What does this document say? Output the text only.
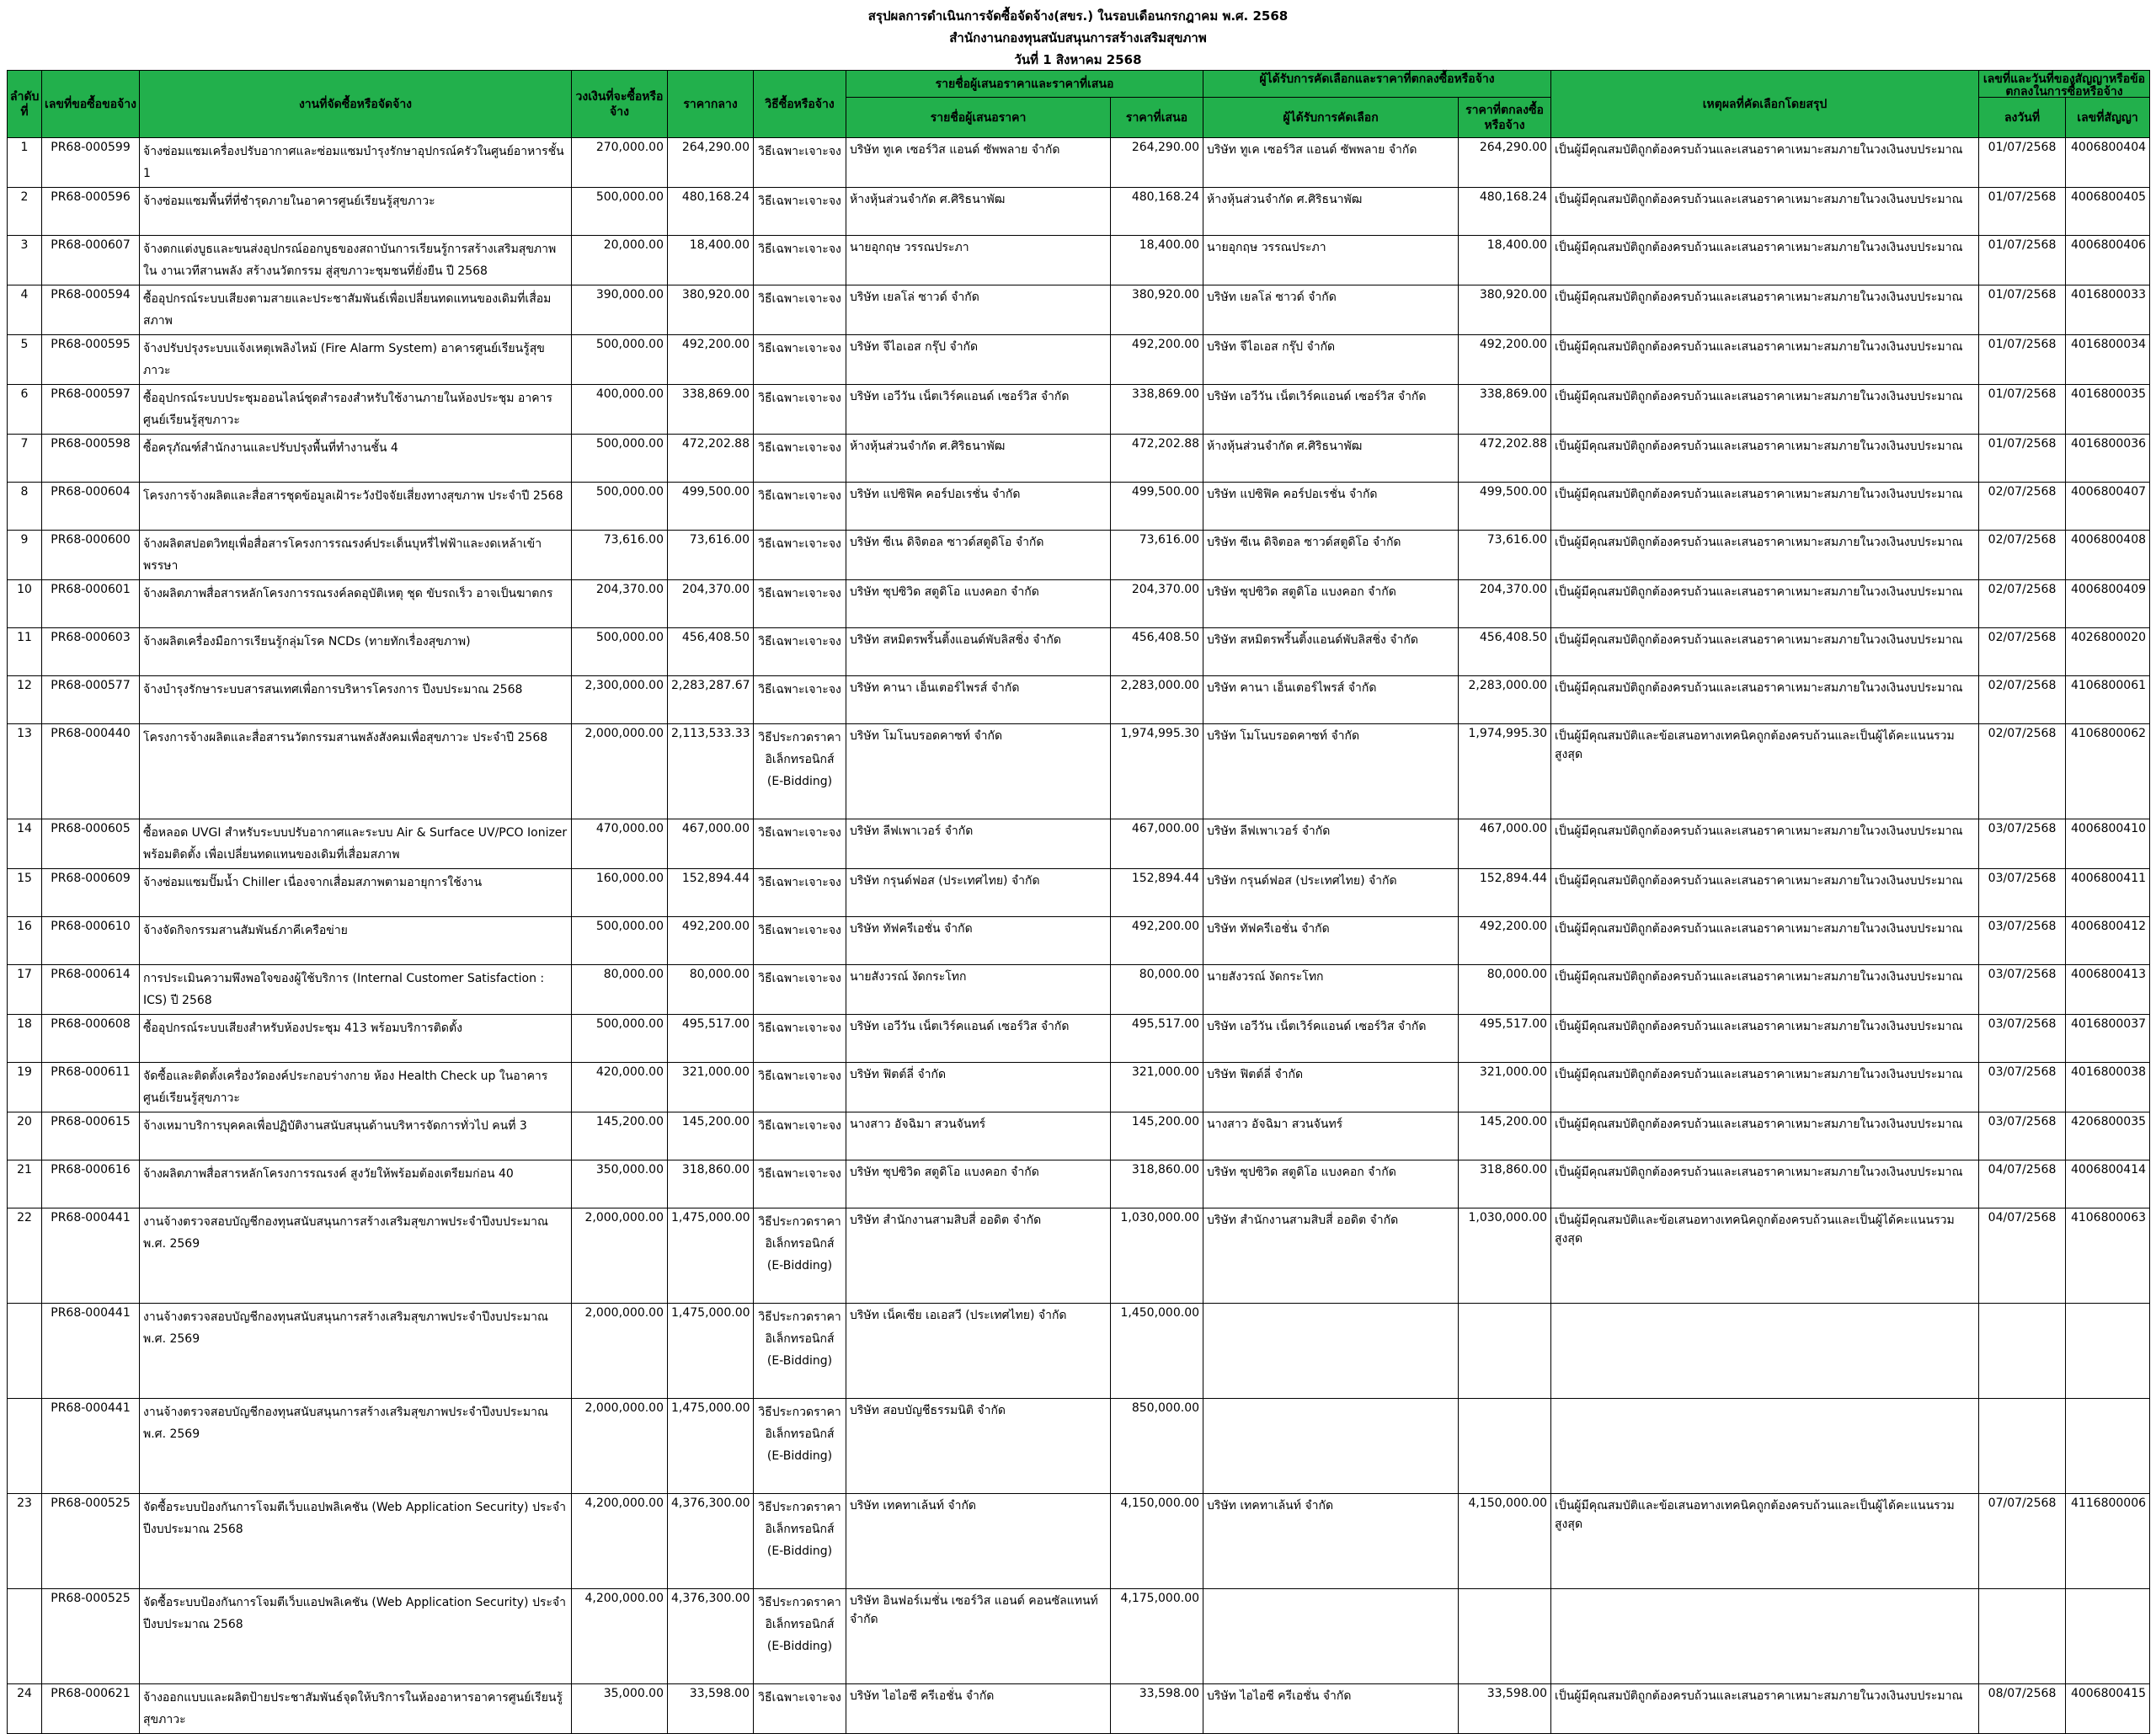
สรุปผลการดำเนินการจัดซื้อจัดจ้าง(สขร.) ในรอบเดือนกรกฎาคม พ.ศ. 2568
สำนักงานกองทุนสนับสนุนการสร้างเสริมสุขภาพ
วันที่ 1 สิงหาคม 2568
ลำดับที่	เลขที่ขอซื้อขอจ้าง	งานที่จัดซื้อหรือจัดจ้าง	วงเงินที่จะซื้อหรือจ้าง	ราคากลาง	วิธีซื้อหรือจ้าง	รายชื่อผู้เสนอราคาและราคาที่เสนอ		ผู้ได้รับการคัดเลือกและราคาที่ตกลงซื้อหรือจ้าง		เหตุผลที่คัดเลือกโดยสรุป	เลขที่และวันที่ของสัญญาหรือข้อตกลงในการซื้อหรือจ้าง	

						รายชื่อผู้เสนอราคา	ราคาที่เสนอ	ผู้ได้รับการคัดเลือก	ราคาที่ตกลงซื้อหรือจ้าง		ลงวันที่	เลขที่สัญญา
1	PR68-000599	จ้างซ่อมแซมเครื่องปรับอากาศและซ่อมแซมบำรุงรักษาอุปกรณ์ครัวในศูนย์อาหารชั้น 1	270,000.00	264,290.00	วิธีเฉพาะเจาะจง	บริษัท ทูเค เซอร์วิส แอนด์ ซัพพลาย จำกัด	264,290.00	บริษัท ทูเค เซอร์วิส แอนด์ ซัพพลาย จำกัด	264,290.00	เป็นผู้มีคุณสมบัติถูกต้องครบถ้วนและเสนอราคาเหมาะสมภายในวงเงินงบประมาณ	01/07/2568	4006800404
2	PR68-000596	จ้างซ่อมแซมพื้นที่ที่ชำรุดภายในอาคารศูนย์เรียนรู้สุขภาวะ	500,000.00	480,168.24	วิธีเฉพาะเจาะจง	ห้างหุ้นส่วนจำกัด ศ.ศิริธนาพัฒ	480,168.24	ห้างหุ้นส่วนจำกัด ศ.ศิริธนาพัฒ	480,168.24	เป็นผู้มีคุณสมบัติถูกต้องครบถ้วนและเสนอราคาเหมาะสมภายในวงเงินงบประมาณ	01/07/2568	4006800405
3	PR68-000607	จ้างตกแต่งบูธและขนส่งอุปกรณ์ออกบูธของสถาบันการเรียนรู้การสร้างเสริมสุขภาพใน งานเวทีสานพลัง สร้างนวัตกรรม สู่สุขภาวะชุมชนที่ยั่งยืน ปี 2568	20,000.00	18,400.00	วิธีเฉพาะเจาะจง	นายอุกฤษ วรรณประภา	18,400.00	นายอุกฤษ วรรณประภา	18,400.00	เป็นผู้มีคุณสมบัติถูกต้องครบถ้วนและเสนอราคาเหมาะสมภายในวงเงินงบประมาณ	01/07/2568	4006800406
4	PR68-000594	ซื้ออุปกรณ์ระบบเสียงตามสายและประชาสัมพันธ์เพื่อเปลี่ยนทดแทนของเดิมที่เสื่อมสภาพ	390,000.00	380,920.00	วิธีเฉพาะเจาะจง	บริษัท เยลโล่ ซาวด์ จำกัด	380,920.00	บริษัท เยลโล่ ซาวด์ จำกัด	380,920.00	เป็นผู้มีคุณสมบัติถูกต้องครบถ้วนและเสนอราคาเหมาะสมภายในวงเงินงบประมาณ	01/07/2568	4016800033
5	PR68-000595	จ้างปรับปรุงระบบแจ้งเหตุเพลิงไหม้ (Fire Alarm System) อาคารศูนย์เรียนรู้สุขภาวะ	500,000.00	492,200.00	วิธีเฉพาะเจาะจง	บริษัท จีไอเอส กรุ๊ป จำกัด	492,200.00	บริษัท จีไอเอส กรุ๊ป จำกัด	492,200.00	เป็นผู้มีคุณสมบัติถูกต้องครบถ้วนและเสนอราคาเหมาะสมภายในวงเงินงบประมาณ	01/07/2568	4016800034
6	PR68-000597	ซื้ออุปกรณ์ระบบประชุมออนไลน์ชุดสำรองสำหรับใช้งานภายในห้องประชุม อาคารศูนย์เรียนรู้สุขภาวะ	400,000.00	338,869.00	วิธีเฉพาะเจาะจง	บริษัท เอวีวัน เน็ตเวิร์คแอนด์ เซอร์วิส จำกัด	338,869.00	บริษัท เอวีวัน เน็ตเวิร์คแอนด์ เซอร์วิส จำกัด	338,869.00	เป็นผู้มีคุณสมบัติถูกต้องครบถ้วนและเสนอราคาเหมาะสมภายในวงเงินงบประมาณ	01/07/2568	4016800035
7	PR68-000598	ซื้อครุภัณฑ์สำนักงานและปรับปรุงพื้นที่ทำงานชั้น 4	500,000.00	472,202.88	วิธีเฉพาะเจาะจง	ห้างหุ้นส่วนจำกัด ศ.ศิริธนาพัฒ	472,202.88	ห้างหุ้นส่วนจำกัด ศ.ศิริธนาพัฒ	472,202.88	เป็นผู้มีคุณสมบัติถูกต้องครบถ้วนและเสนอราคาเหมาะสมภายในวงเงินงบประมาณ	01/07/2568	4016800036
8	PR68-000604	โครงการจ้างผลิตและสื่อสารชุดข้อมูลเฝ้าระวังปัจจัยเสี่ยงทางสุขภาพ ประจำปี 2568	500,000.00	499,500.00	วิธีเฉพาะเจาะจง	บริษัท แปซิฟิค คอร์ปอเรชั่น จำกัด	499,500.00	บริษัท แปซิฟิค คอร์ปอเรชั่น จำกัด	499,500.00	เป็นผู้มีคุณสมบัติถูกต้องครบถ้วนและเสนอราคาเหมาะสมภายในวงเงินงบประมาณ	02/07/2568	4006800407
9	PR68-000600	จ้างผลิตสปอตวิทยุเพื่อสื่อสารโครงการรณรงค์ประเด็นบุหรี่ไฟฟ้าและงดเหล้าเข้าพรรษา	73,616.00	73,616.00	วิธีเฉพาะเจาะจง	บริษัท ซีเน ดิจิตอล ซาวด์สตูดิโอ จำกัด	73,616.00	บริษัท ซีเน ดิจิตอล ซาวด์สตูดิโอ จำกัด	73,616.00	เป็นผู้มีคุณสมบัติถูกต้องครบถ้วนและเสนอราคาเหมาะสมภายในวงเงินงบประมาณ	02/07/2568	4006800408
10	PR68-000601	จ้างผลิตภาพสื่อสารหลักโครงการรณรงค์ลดอุบัติเหตุ ชุด ขับรถเร็ว อาจเป็นฆาตกร	204,370.00	204,370.00	วิธีเฉพาะเจาะจง	บริษัท ซุปซิวิด สตูดิโอ แบงคอก จำกัด	204,370.00	บริษัท ซุปซิวิด สตูดิโอ แบงคอก จำกัด	204,370.00	เป็นผู้มีคุณสมบัติถูกต้องครบถ้วนและเสนอราคาเหมาะสมภายในวงเงินงบประมาณ	02/07/2568	4006800409
11	PR68-000603	จ้างผลิตเครื่องมือการเรียนรู้กลุ่มโรค NCDs (ทายทักเรื่องสุขภาพ)	500,000.00	456,408.50	วิธีเฉพาะเจาะจง	บริษัท สหมิตรพริ้นติ้งแอนด์พับลิสชิ่ง จำกัด	456,408.50	บริษัท สหมิตรพริ้นติ้งแอนด์พับลิสชิ่ง จำกัด	456,408.50	เป็นผู้มีคุณสมบัติถูกต้องครบถ้วนและเสนอราคาเหมาะสมภายในวงเงินงบประมาณ	02/07/2568	4026800020
12	PR68-000577	จ้างบำรุงรักษาระบบสารสนเทศเพื่อการบริหารโครงการ ปีงบประมาณ 2568	2,300,000.00	2,283,287.67	วิธีเฉพาะเจาะจง	บริษัท คานา เอ็นเตอร์ไพรส์ จำกัด	2,283,000.00	บริษัท คานา เอ็นเตอร์ไพรส์ จำกัด	2,283,000.00	เป็นผู้มีคุณสมบัติถูกต้องครบถ้วนและเสนอราคาเหมาะสมภายในวงเงินงบประมาณ	02/07/2568	4106800061
13	PR68-000440	โครงการจ้างผลิตและสื่อสารนวัตกรรมสานพลังสังคมเพื่อสุขภาวะ ประจำปี 2568	2,000,000.00	2,113,533.33	วิธีประกวดราคาอิเล็กทรอนิกส์ (E-Bidding)	บริษัท โมโนบรอดคาซท์ จำกัด	1,974,995.30	บริษัท โมโนบรอดคาซท์ จำกัด	1,974,995.30	เป็นผู้มีคุณสมบัติและข้อเสนอทางเทคนิคถูกต้องครบถ้วนและเป็นผู้ได้คะแนนรวมสูงสุด	02/07/2568	4106800062
14	PR68-000605	ซื้อหลอด UVGI สำหรับระบบปรับอากาศและระบบ Air & Surface UV/PCO Ionizer พร้อมติดตั้ง เพื่อเปลี่ยนทดแทนของเดิมที่เสื่อมสภาพ	470,000.00	467,000.00	วิธีเฉพาะเจาะจง	บริษัท ลีฟเพาเวอร์ จำกัด	467,000.00	บริษัท ลีฟเพาเวอร์ จำกัด	467,000.00	เป็นผู้มีคุณสมบัติถูกต้องครบถ้วนและเสนอราคาเหมาะสมภายในวงเงินงบประมาณ	03/07/2568	4006800410
15	PR68-000609	จ้างซ่อมแซมปั๊มน้ำ Chiller เนื่องจากเสื่อมสภาพตามอายุการใช้งาน	160,000.00	152,894.44	วิธีเฉพาะเจาะจง	บริษัท กรุนด์ฟอส (ประเทศไทย) จำกัด	152,894.44	บริษัท กรุนด์ฟอส (ประเทศไทย) จำกัด	152,894.44	เป็นผู้มีคุณสมบัติถูกต้องครบถ้วนและเสนอราคาเหมาะสมภายในวงเงินงบประมาณ	03/07/2568	4006800411
16	PR68-000610	จ้างจัดกิจกรรมสานสัมพันธ์ภาคีเครือข่าย	500,000.00	492,200.00	วิธีเฉพาะเจาะจง	บริษัท ทัฟครีเอชั่น จำกัด	492,200.00	บริษัท ทัฟครีเอชั่น จำกัด	492,200.00	เป็นผู้มีคุณสมบัติถูกต้องครบถ้วนและเสนอราคาเหมาะสมภายในวงเงินงบประมาณ	03/07/2568	4006800412
17	PR68-000614	การประเมินความพึงพอใจของผู้ใช้บริการ (Internal Customer Satisfaction : ICS) ปี 2568	80,000.00	80,000.00	วิธีเฉพาะเจาะจง	นายสังวรณ์ งัดกระโทก	80,000.00	นายสังวรณ์ งัดกระโทก	80,000.00	เป็นผู้มีคุณสมบัติถูกต้องครบถ้วนและเสนอราคาเหมาะสมภายในวงเงินงบประมาณ	03/07/2568	4006800413
18	PR68-000608	ซื้ออุปกรณ์ระบบเสียงสำหรับห้องประชุม 413 พร้อมบริการติดตั้ง	500,000.00	495,517.00	วิธีเฉพาะเจาะจง	บริษัท เอวีวัน เน็ตเวิร์คแอนด์ เซอร์วิส จำกัด	495,517.00	บริษัท เอวีวัน เน็ตเวิร์คแอนด์ เซอร์วิส จำกัด	495,517.00	เป็นผู้มีคุณสมบัติถูกต้องครบถ้วนและเสนอราคาเหมาะสมภายในวงเงินงบประมาณ	03/07/2568	4016800037
19	PR68-000611	จัดซื้อและติดตั้งเครื่องวัดองค์ประกอบร่างกาย ห้อง Health Check up ในอาคารศูนย์เรียนรู้สุขภาวะ	420,000.00	321,000.00	วิธีเฉพาะเจาะจง	บริษัท ฟิตต์ลี่ จำกัด	321,000.00	บริษัท ฟิตต์ลี่ จำกัด	321,000.00	เป็นผู้มีคุณสมบัติถูกต้องครบถ้วนและเสนอราคาเหมาะสมภายในวงเงินงบประมาณ	03/07/2568	4016800038
20	PR68-000615	จ้างเหมาบริการบุคคลเพื่อปฏิบัติงานสนับสนุนด้านบริหารจัดการทั่วไป คนที่ 3	145,200.00	145,200.00	วิธีเฉพาะเจาะจง	นางสาว อัจฉิมา สวนจันทร์	145,200.00	นางสาว อัจฉิมา สวนจันทร์	145,200.00	เป็นผู้มีคุณสมบัติถูกต้องครบถ้วนและเสนอราคาเหมาะสมภายในวงเงินงบประมาณ	03/07/2568	4206800035
21	PR68-000616	จ้างผลิตภาพสื่อสารหลักโครงการรณรงค์ สูงวัยให้พร้อมต้องเตรียมก่อน 40	350,000.00	318,860.00	วิธีเฉพาะเจาะจง	บริษัท ซุปซิวิด สตูดิโอ แบงคอก จำกัด	318,860.00	บริษัท ซุปซิวิด สตูดิโอ แบงคอก จำกัด	318,860.00	เป็นผู้มีคุณสมบัติถูกต้องครบถ้วนและเสนอราคาเหมาะสมภายในวงเงินงบประมาณ	04/07/2568	4006800414
22	PR68-000441	งานจ้างตรวจสอบบัญชีกองทุนสนับสนุนการสร้างเสริมสุขภาพประจำปีงบประมาณ พ.ศ. 2569	2,000,000.00	1,475,000.00	วิธีประกวดราคาอิเล็กทรอนิกส์ (E-Bidding)	บริษัท สำนักงานสามสิบสี่ ออดิต จำกัด	1,030,000.00	บริษัท สำนักงานสามสิบสี่ ออดิต จำกัด	1,030,000.00	เป็นผู้มีคุณสมบัติและข้อเสนอทางเทคนิคถูกต้องครบถ้วนและเป็นผู้ได้คะแนนรวมสูงสุด	04/07/2568	4106800063
	PR68-000441	งานจ้างตรวจสอบบัญชีกองทุนสนับสนุนการสร้างเสริมสุขภาพประจำปีงบประมาณ พ.ศ. 2569	2,000,000.00	1,475,000.00	วิธีประกวดราคาอิเล็กทรอนิกส์ (E-Bidding)	บริษัท เน็คเซีย เอเอสวี (ประเทศไทย) จำกัด	1,450,000.00					
	PR68-000441	งานจ้างตรวจสอบบัญชีกองทุนสนับสนุนการสร้างเสริมสุขภาพประจำปีงบประมาณ พ.ศ. 2569	2,000,000.00	1,475,000.00	วิธีประกวดราคาอิเล็กทรอนิกส์ (E-Bidding)	บริษัท สอบบัญชีธรรมนิติ จำกัด	850,000.00					
23	PR68-000525	จัดซื้อระบบป้องกันการโจมตีเว็บแอปพลิเคชัน (Web Application Security) ประจำปีงบประมาณ 2568	4,200,000.00	4,376,300.00	วิธีประกวดราคาอิเล็กทรอนิกส์ (E-Bidding)	บริษัท เทคทาเล้นท์ จำกัด	4,150,000.00	บริษัท เทคทาเล้นท์ จำกัด	4,150,000.00	เป็นผู้มีคุณสมบัติและข้อเสนอทางเทคนิคถูกต้องครบถ้วนและเป็นผู้ได้คะแนนรวมสูงสุด	07/07/2568	4116800006
	PR68-000525	จัดซื้อระบบป้องกันการโจมตีเว็บแอปพลิเคชัน (Web Application Security) ประจำปีงบประมาณ 2568	4,200,000.00	4,376,300.00	วิธีประกวดราคาอิเล็กทรอนิกส์ (E-Bidding)	บริษัท อินฟอร์เมชั่น เซอร์วิส แอนด์ คอนซัลแทนท์ จำกัด	4,175,000.00					
24	PR68-000621	จ้างออกแบบและผลิตป้ายประชาสัมพันธ์จุดให้บริการในห้องอาหารอาคารศูนย์เรียนรู้สุขภาวะ	35,000.00	33,598.00	วิธีเฉพาะเจาะจง	บริษัท ไอไอซี ครีเอชั่น จำกัด	33,598.00	บริษัท ไอไอซี ครีเอชั่น จำกัด	33,598.00	เป็นผู้มีคุณสมบัติถูกต้องครบถ้วนและเสนอราคาเหมาะสมภายในวงเงินงบประมาณ	08/07/2568	4006800415
